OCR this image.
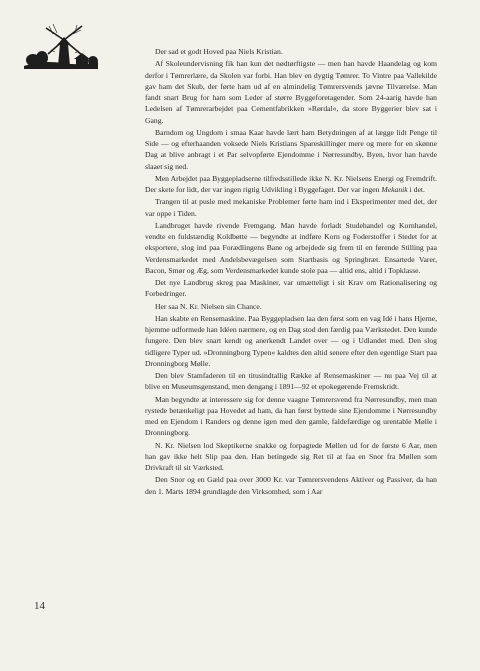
Der sad et godt Hoved paa Niels Kristian.

Af Skoleundervisning fik han kun det nødtørftigste — men han havde Haandelag og kom derfor i Tømrerlære, da Skolen var forbi. Han blev en dygtig Tømrer. To Vintre paa Vallekilde gav ham det Skub, der førte ham ud af en almindelig Tømrersvends jævne Tilværelse. Man fandt snart Brug for ham som Leder af større Byggeforetagender. Som 24-aarig havde han Ledelsen af Tømrerarbejdet paa Cementfabrikken »Rørdal«, da store Byggerier blev sat i Gang.

Barndom og Ungdom i smaa Kaar havde lært ham Betydningen af at lægge lidt Penge til Side — og efterhaanden voksede Niels Kristians Spareskillinger mere og mere for en skønne Dag at blive anbragt i et Par selvopførte Ejendomme i Nørresundby, Byen, hvor han havde slaaet sig ned.

Men Arbejdet paa Byggepladserne tilfredsstillede ikke N. Kr. Nielsens Energi og Fremdrift. Der skete for lidt, der var ingen rigtig Udvikling i Byggefaget. Der var ingen Mekanik i det.

Trangen til at pusle med mekaniske Problemer førte ham ind i Eksperimenter med det, der var oppe i Tiden.

Landbruget havde rivende Fremgang. Man havde forladt Studehandel og Kornhandel, vendte en fuldstændig Koldbøtte — begyndte at indføre Korn og Foderstoffer i Stedet for at eksportere, slog ind paa Forædlingens Bane og arbejdede sig frem til en førende Stilling paa Verdensmarkedet med Andelsbevægelsen som Startbasis og Springbræt. Ensartede Varer, Bacon, Smør og Æg, som Verdensmarkedet kunde stole paa — altid ens, altid i Topklasse.

Det nye Landbrug skreg paa Maskiner, var umætteligt i sit Krav om Rationalisering og Forbedringer.

Her saa N. Kr. Nielsen sin Chance.

Han skabte en Rensemaskine. Paa Byggepladsen laa den først som en vag Idé i hans Hjerne, hjemme udformede han Idéen nærmere, og en Dag stod den færdig paa Værkstedet. Den kunde fungere. Den blev snart kendt og anerkendt Landet over — og i Udlandet med. Den slog tidligere Typer ud. »Dronningborg Typen« kaldtes den altid senere efter den egentlige Start paa Dronningborg Mølle.

Den blev Stamfaderen til en titusindtallig Række af Rensemaskiner — nu paa Vej til at blive en Museumsgenstand, men dengang i 1891—92 et epokegørende Fremskridt.

Man begyndte at interessere sig for denne vaagne Tømrersvend fra Nørresundby, men man rystede betænkeligt paa Hovedet ad ham, da han først byttede sine Ejendomme i Nørresundby med en Ejendom i Randers og denne igen med den gamle, faldefærdige og urentable Mølle i Dronningborg.

N. Kr. Nielsen lod Skeptikerne snakke og forpagtede Møllen ud for de første 6 Aar, men han gav ikke helt Slip paa den. Han betingede sig Ret til at faa en Snor fra Møllen som Drivkraft til sit Værksted.

Den Snor og en Gæld paa over 3000 Kr. var Tømrersvendens Aktiver og Passiver, da han den 1. Marts 1894 grundlagde den Virksomhed, som i Aar

14
